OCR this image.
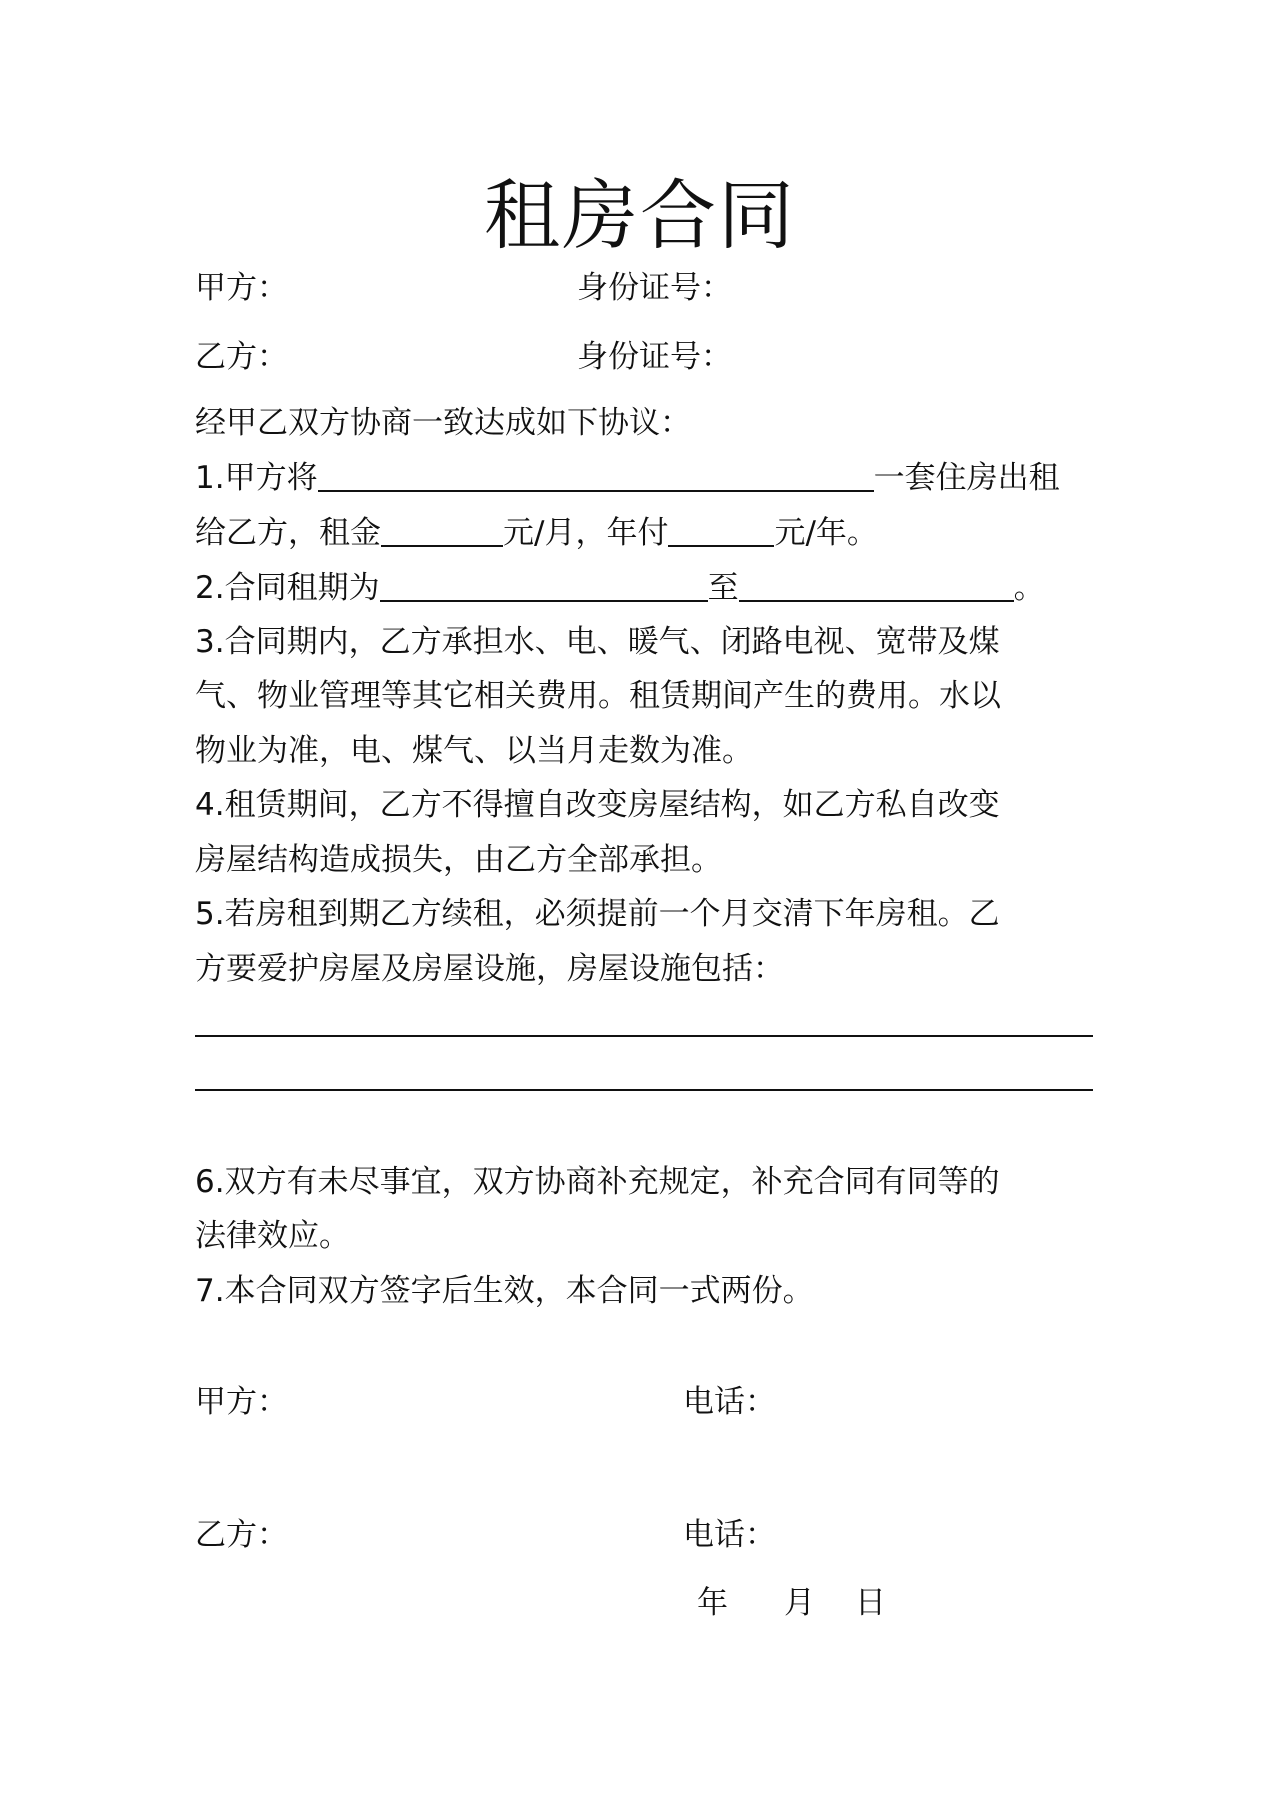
租房合同
甲方：	身份证号：
乙方：	身份证号：
经甲乙双方协商一致达成如下协议：
1.甲方将	一套住房出租
给乙方，租金	元/月，年付	元/年。
2.合同租期为	至	。
3.合同期内，乙方承担水、电、暖气、闭路电视、宽带及煤
气、物业管理等其它相关费用。租赁期间产生的费用。水以
物业为准，电、煤气、以当月走数为准。
4.租赁期间，乙方不得擅自改变房屋结构，如乙方私自改变
房屋结构造成损失，由乙方全部承担。
5.若房租到期乙方续租，必须提前一个月交清下年房租。乙
方要爱护房屋及房屋设施，房屋设施包括：
6.双方有未尽事宜，双方协商补充规定，补充合同有同等的
法律效应。
7.本合同双方签字后生效，本合同一式两份。
甲方：	电话：
乙方：	电话：
年 月 日
